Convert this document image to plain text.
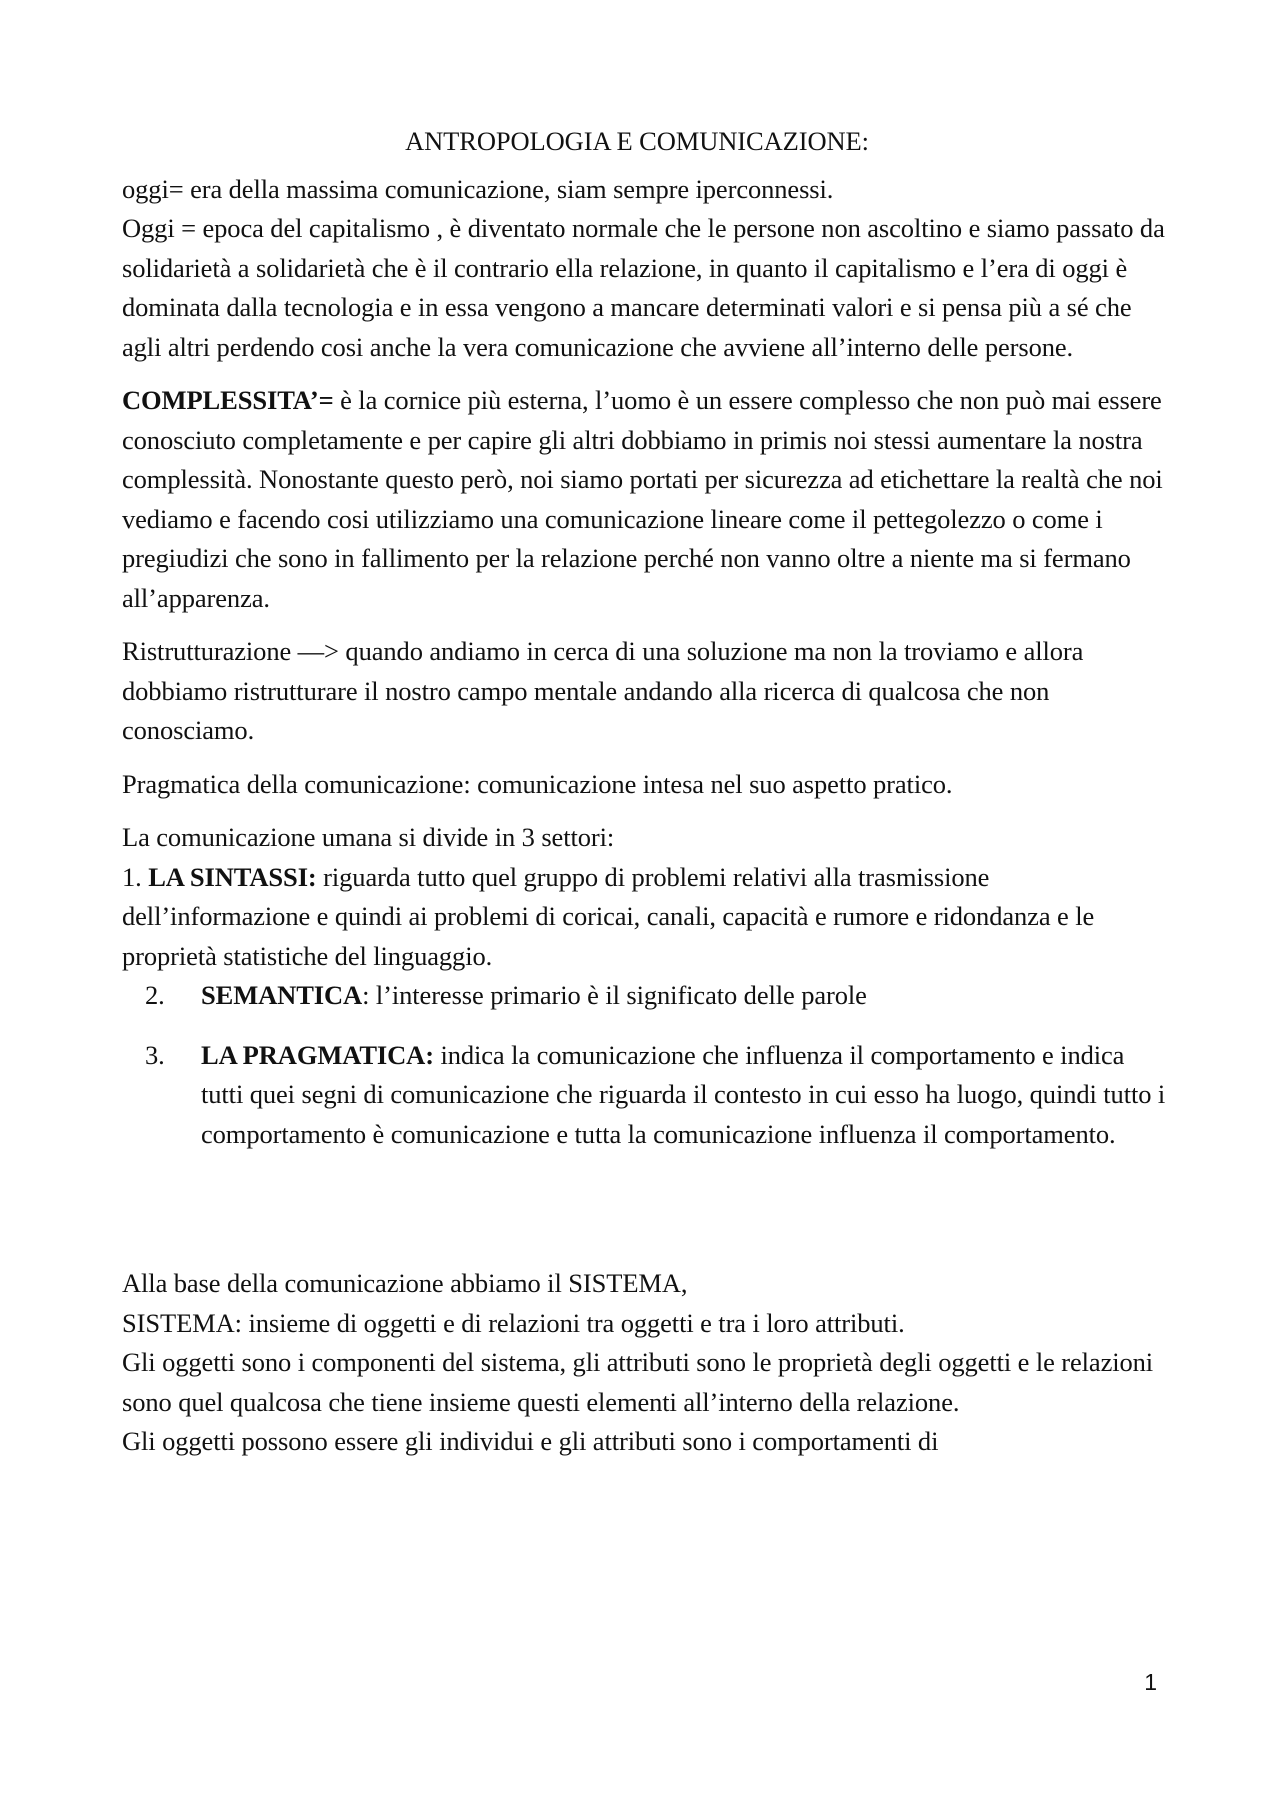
ANTROPOLOGIA E COMUNICAZIONE:

oggi= era della massima comunicazione, siam sempre iperconnessi.

Oggi = epoca del capitalismo , è diventato normale che le persone non ascoltino e siamo passato da solidarietà a solidarietà che è il contrario ella relazione, in quanto il capitalismo e l’era di oggi è dominata dalla tecnologia e in essa vengono a mancare determinati valori e si pensa più a sé che agli altri perdendo cosi anche la vera comunicazione che avviene all’interno delle persone.

COMPLESSITA’= è la cornice più esterna, l’uomo è un essere complesso che non può mai essere conosciuto completamente e per capire gli altri dobbiamo in primis noi stessi aumentare la nostra complessità. Nonostante questo però, noi siamo portati per sicurezza ad etichettare la realtà che noi vediamo e facendo cosi utilizziamo una comunicazione lineare come il pettegolezzo o come i pregiudizi che sono in fallimento per la relazione perché non vanno oltre a niente ma si fermano all’apparenza.

Ristrutturazione —> quando andiamo in cerca di una soluzione ma non la troviamo e allora dobbiamo ristrutturare il nostro campo mentale andando alla ricerca di qualcosa che non conosciamo.

Pragmatica della comunicazione: comunicazione intesa nel suo aspetto pratico.

La comunicazione umana si divide in 3 settori:

1. LA SINTASSI: riguarda tutto quel gruppo di problemi relativi alla trasmissione dell’informazione e quindi ai problemi di coricai, canali, capacità e rumore e ridondanza e le proprietà statistiche del linguaggio.

2. SEMANTICA: l’interesse primario è il significato delle parole
3. LA PRAGMATICA: indica la comunicazione che influenza il comportamento e indica tutti quei segni di comunicazione che riguarda il contesto in cui esso ha luogo, quindi tutto i comportamento è comunicazione e tutta la comunicazione influenza il comportamento.

Alla base della comunicazione abbiamo il SISTEMA,

SISTEMA: insieme di oggetti e di relazioni tra oggetti e tra i loro attributi.

Gli oggetti sono i componenti del sistema, gli attributi sono le proprietà degli oggetti e le relazioni sono quel qualcosa che tiene insieme questi elementi all’interno della relazione.

Gli oggetti possono essere gli individui e gli attributi sono i comportamenti di

1
